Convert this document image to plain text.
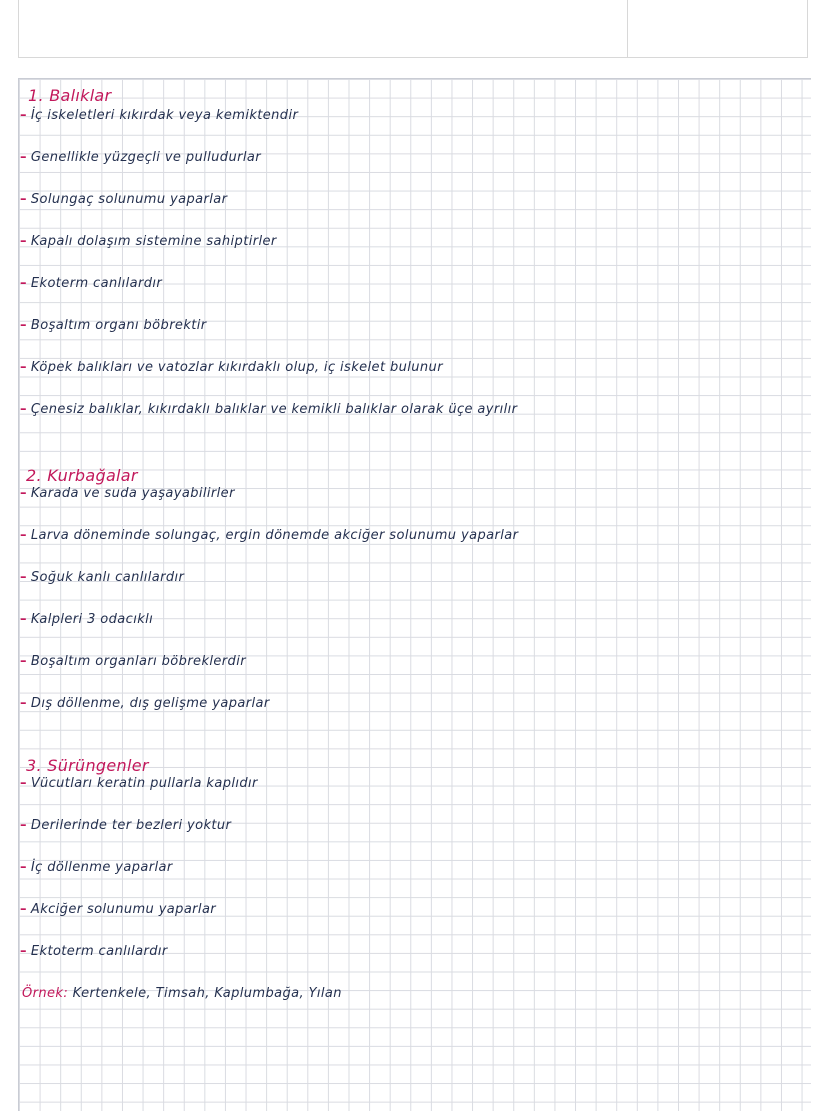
1. Balıklar

– İç iskeletleri kıkırdak veya kemiktendir

– Genellikle yüzgeçli ve pulludurlar

– Solungaç solunumu yaparlar

– Kapalı dolaşım sistemine sahiptirler

– Ekoterm canlılardır

– Boşaltım organı böbrektir

– Köpek balıkları ve vatozlar kıkırdaklı olup, iç iskelet bulunur

– Çenesiz balıklar, kıkırdaklı balıklar ve kemikli balıklar olarak üçe ayrılır

2. Kurbağalar

– Karada ve suda yaşayabilirler

– Larva döneminde solungaç, ergin dönemde akciğer solunumu yaparlar

– Soğuk kanlı canlılardır

– Kalpleri 3 odacıklı

– Boşaltım organları böbreklerdir

– Dış döllenme, dış gelişme yaparlar

3. Sürüngenler

– Vücutları keratin pullarla kaplıdır

– Derilerinde ter bezleri yoktur

– İç döllenme yaparlar

– Akciğer solunumu yaparlar

– Ektoterm canlılardır

Örnek: Kertenkele, Timsah, Kaplumbağa, Yılan
